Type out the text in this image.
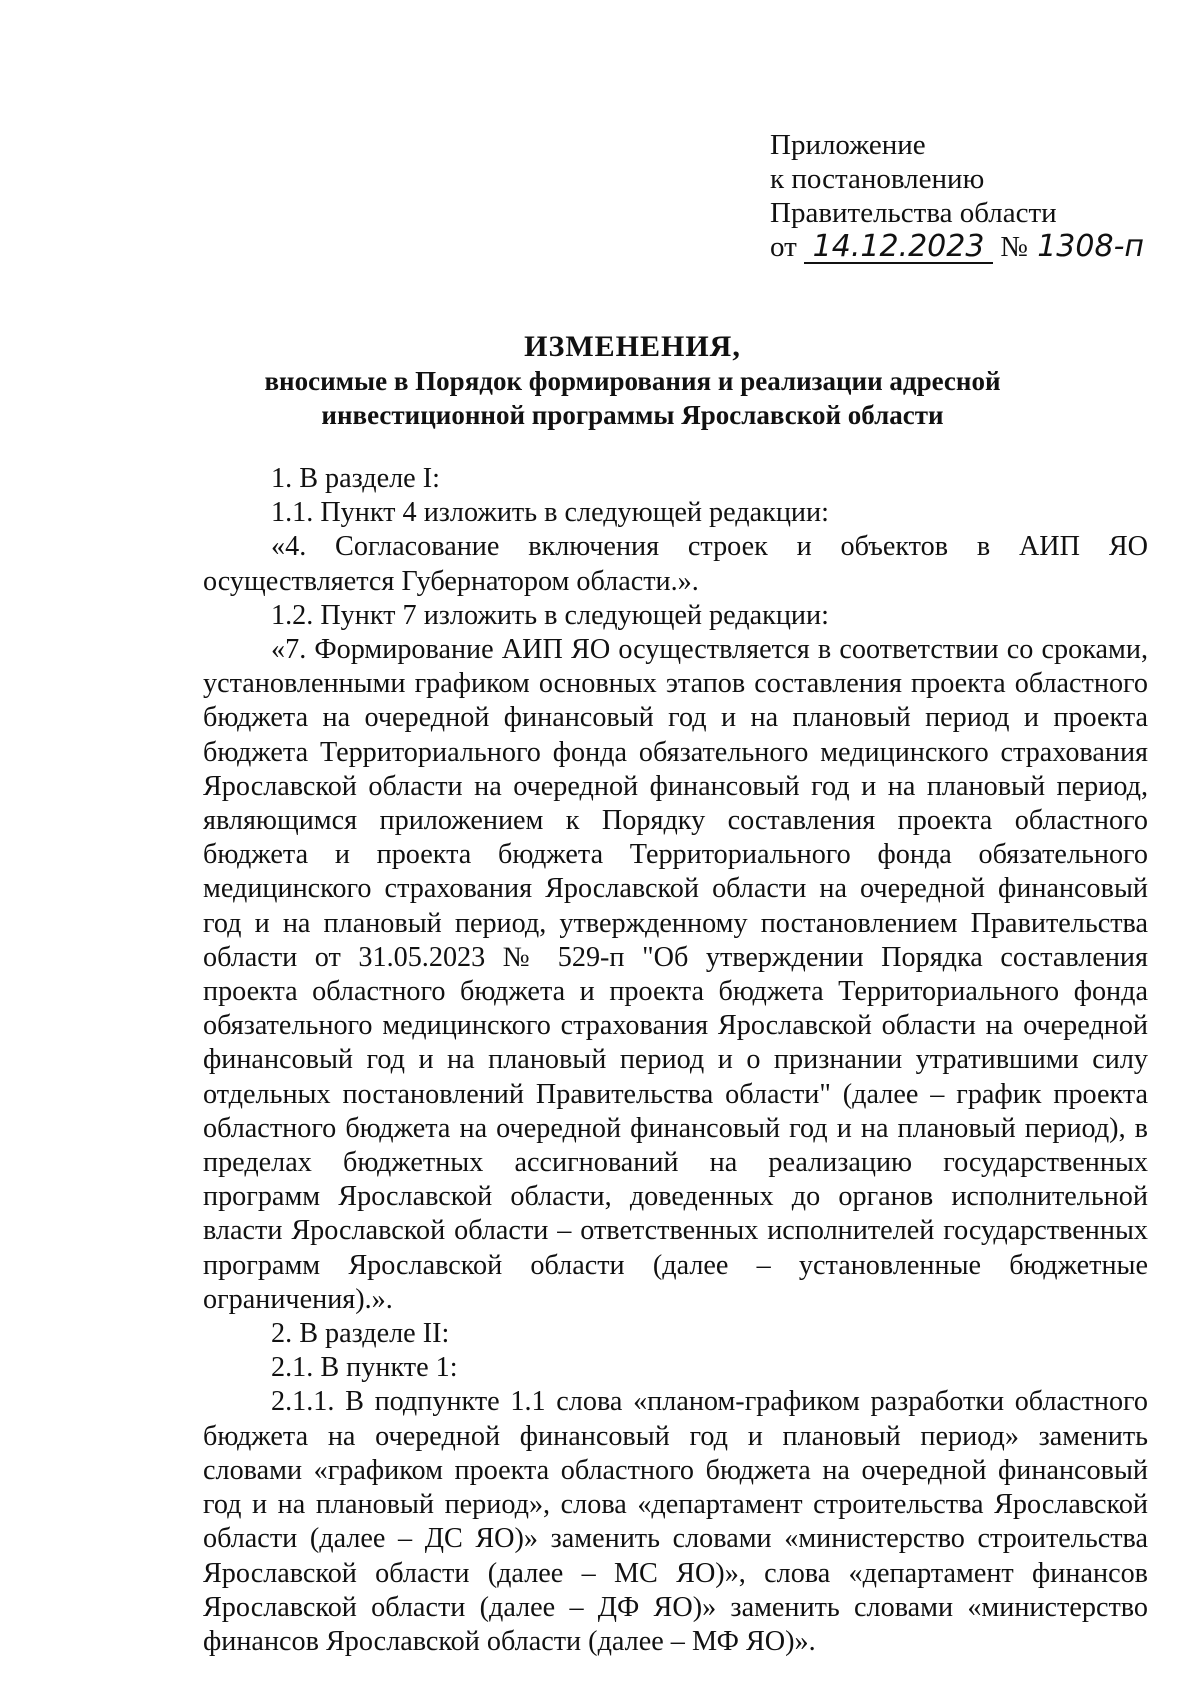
Приложение
к постановлению
Правительства области
от 14.12.2023 № 1308-п
ИЗМЕНЕНИЯ,
вносимые в Порядок формирования и реализации адресной
инвестиционной программы Ярославской области

1. В разделе I:

1.1. Пункт 4 изложить в следующей редакции:

«4. Согласование включения строек и объектов в АИП ЯО осуществляется Губернатором области.».

1.2. Пункт 7 изложить в следующей редакции:

«7. Формирование АИП ЯО осуществляется в соответствии со сроками, установленными графиком основных этапов составления проекта областного бюджета на очередной финансовый год и на плановый период и проекта бюджета Территориального фонда обязательного медицинского страхования Ярославской области на очередной финансовый год и на плановый период, являющимся приложением к Порядку составления проекта областного бюджета и проекта бюджета Территориального фонда обязательного медицинского страхования Ярославской области на очередной финансовый год и на плановый период, утвержденному постановлением Правительства области от 31.05.2023 № 529-п "Об утверждении Порядка составления проекта областного бюджета и проекта бюджета Территориального фонда обязательного медицинского страхования Ярославской области на очередной финансовый год и на плановый период и о признании утратившими силу отдельных постановлений Правительства области" (далее – график проекта областного бюджета на очередной финансовый год и на плановый период), в пределах бюджетных ассигнований на реализацию государственных программ Ярославской области, доведенных до органов исполнительной власти Ярославской области – ответственных исполнителей государственных программ Ярославской области (далее – установленные бюджетные ограничения).».

2. В разделе II:

2.1. В пункте 1:

2.1.1. В подпункте 1.1 слова «планом-графиком разработки областного бюджета на очередной финансовый год и плановый период» заменить словами «графиком проекта областного бюджета на очередной финансовый год и на плановый период», слова «департамент строительства Ярославской области (далее – ДС ЯО)» заменить словами «министерство строительства Ярославской области (далее – МС ЯО)», слова «департамент финансов Ярославской области (далее – ДФ ЯО)» заменить словами «министерство финансов Ярославской области (далее – МФ ЯО)».
